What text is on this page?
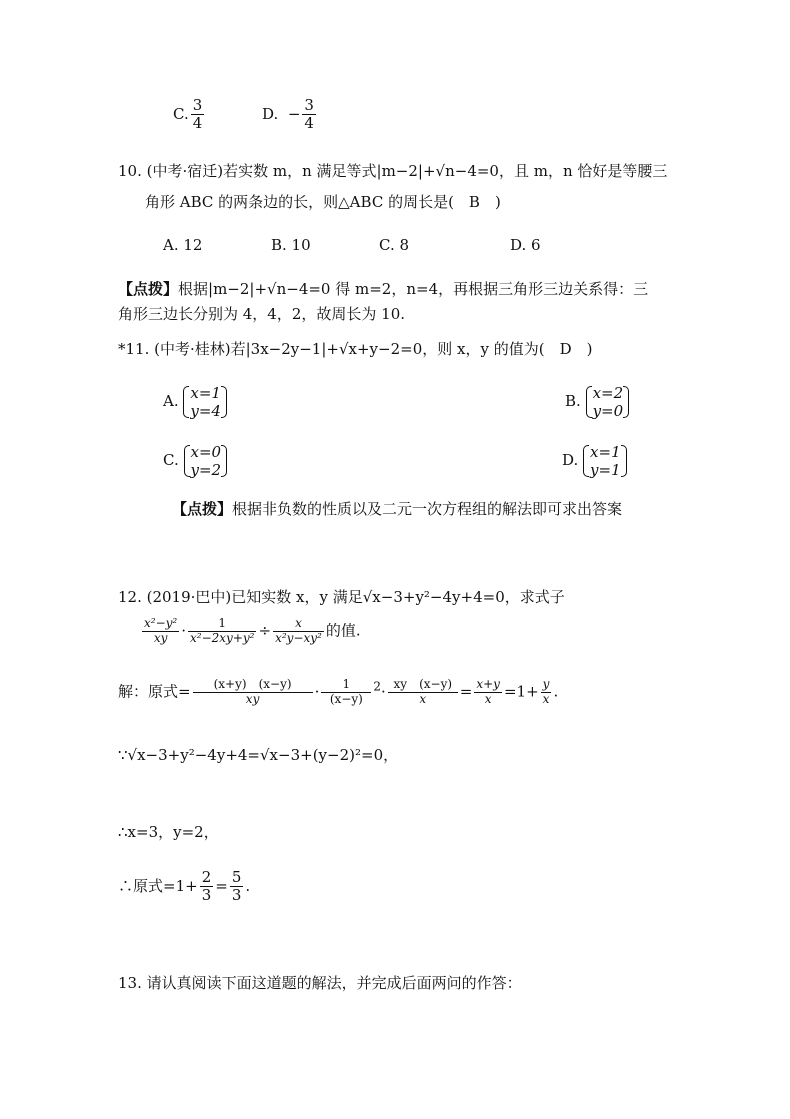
C. $\frac{3}{4}$	D. − $\frac{3}{4}$
10. (中考·宿迁)若实数 m，n 满足等式|m−2|+√n−4=0，且 m，n 恰好是等腰三
角形 ABC 的两条边的长，则△ABC 的周长是(　B　)
A. 12	B. 10	C. 8	D. 6
【点拨】根据|m−2|+√n−4=0 得 m=2，n=4，再根据三角形三边关系得：三
角形三边长分别为 4，4，2，故周长为 10.
*11. (中考·桂林)若|3x−2y−1|+√x+y−2=0，则 x，y 的值为(　D　)
A. x=1
y=4
B. x=2
y=0
C. x=0
y=2
D. x=1
y=1
【点拨】根据非负数的性质以及二元一次方程组的解法即可求出答案
12. (2019·巴中)已知实数 x，y 满足√x−3+y²−4y+4=0，求式子
$\frac{\text{x²−y²}}{xy} \cdot \frac{1}{\text{x²−2xy+y²}} \div \frac{x}{\text{x²y−xy²}}$ 的值.
解：原式= $\frac{(x+y) (x-y)}{xy} \cdot \frac{1}{(x-y)} ^2\cdot \frac{xy (x-y)}{x} = \frac{x+y}{x} =1+ \frac{y}{x}$ .
∵√x−3+y²−4y+4=√x−3+(y−2)²=0，
∴x=3，y=2，
∴原式$=1+ \frac{2}{3} = \frac{5}{3}$ .
13. 请认真阅读下面这道题的解法，并完成后面两问的作答：
